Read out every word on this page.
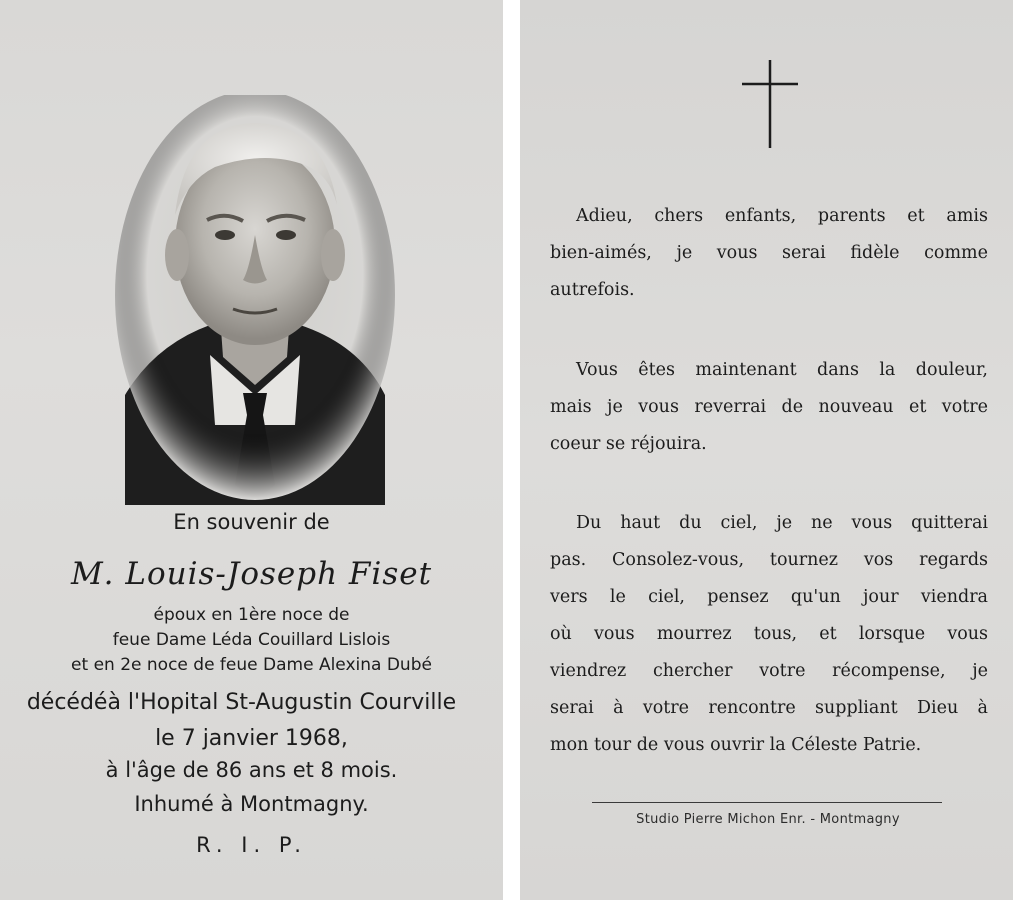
En souvenir de
M. Louis-Joseph Fiset
époux en 1ère noce de
feue Dame Léda Couillard Lislois
et en 2e noce de feue Dame Alexina Dubé
décédéà l'Hopital St-Augustin Courville
le 7 janvier 1968,
à l'âge de 86 ans et 8 mois.
Inhumé à Montmagny.
R. I. P.
Adieu, chers enfants, parents et amis
bien-aimés, je vous serai fidèle comme
autrefois.
Vous êtes maintenant dans la douleur,
mais je vous reverrai de nouveau et votre
coeur se réjouira.
Du haut du ciel, je ne vous quitterai
pas. Consolez-vous, tournez vos regards
vers le ciel, pensez qu'un jour viendra
où vous mourrez tous, et lorsque vous
viendrez chercher votre récompense, je
serai à votre rencontre suppliant Dieu à
mon tour de vous ouvrir la Céleste Patrie.
Studio Pierre Michon Enr. - Montmagny
